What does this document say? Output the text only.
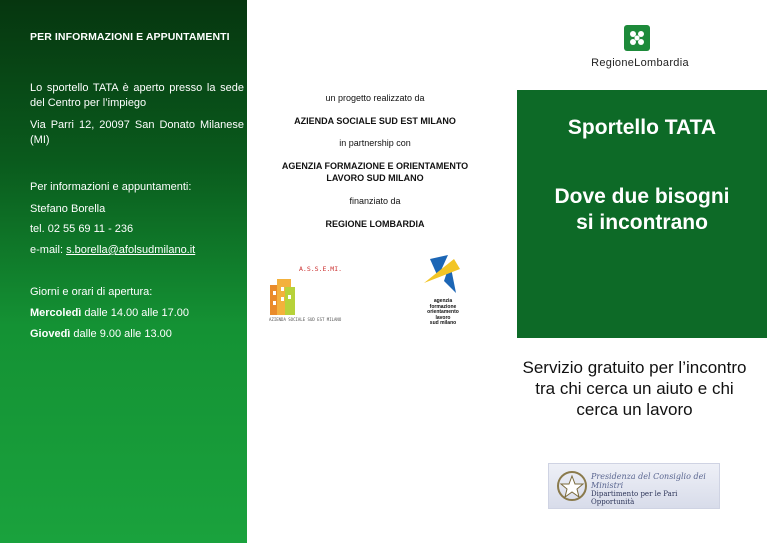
PER INFORMAZIONI E APPUNTAMENTI
Lo sportello TATA è aperto presso la sede del Centro per l’impiego
Via Parri 12, 20097 San Donato Milanese (MI)
Per informazioni e appuntamenti:
Stefano Borella
tel. 02 55 69 11 - 236
e-mail: s.borella@afolsudmilano.it
Giorni e orari di apertura:
Mercoledì dalle 14.00 alle 17.00
Giovedì dalle 9.00 alle 13.00
un progetto realizzato da
AZIENDA SOCIALE SUD EST MILANO
in partnership con
AGENZIA FORMAZIONE E ORIENTAMENTO
LAVORO SUD MILANO
finanziato da
REGIONE LOMBARDIA
A.S.S.E.MI.
AZIENDA SOCIALE SUD EST MILANO
agenzia
formazione
orientamento
lavoro
sud milano
RegioneLombardia
Sportello TATA
Dove due bisogni
si incontrano
Servizio gratuito per l’incontro tra chi cerca un aiuto e chi cerca un lavoro
Presidenza del Consiglio dei Ministri
Dipartimento per le Pari Opportunità
